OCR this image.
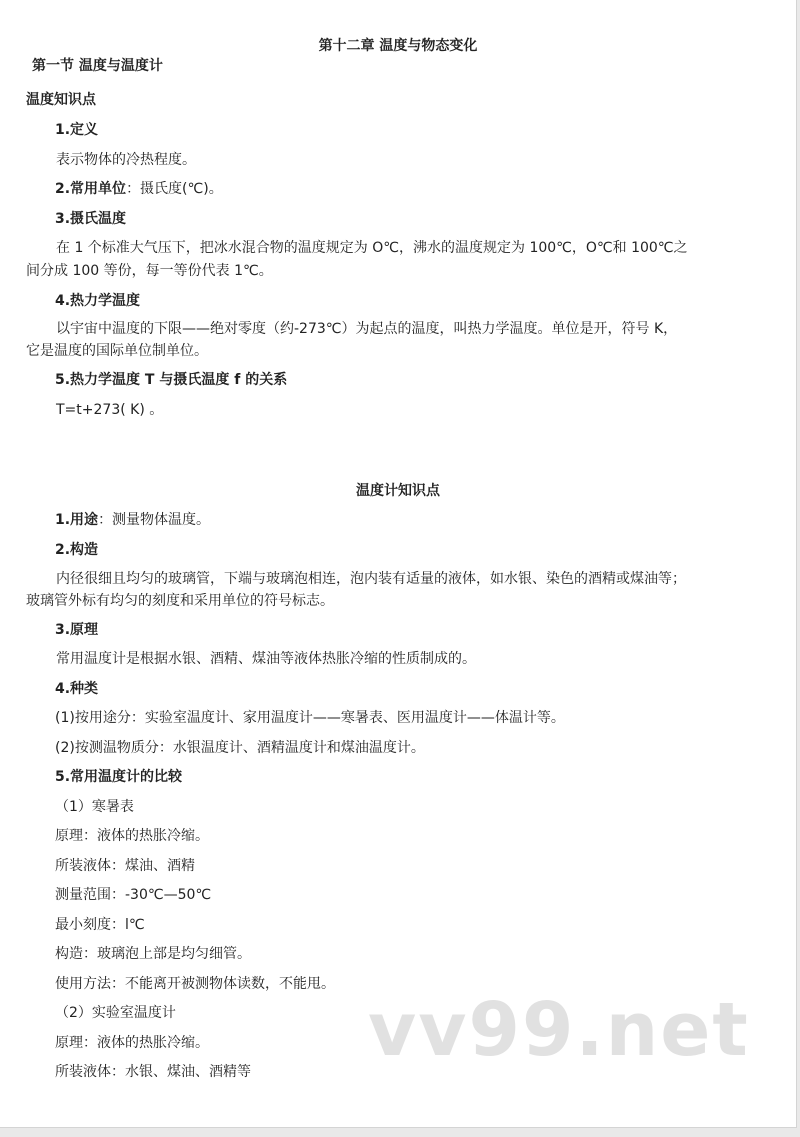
第十二章 温度与物态变化
第一节 温度与温度计
温度知识点
1.定义
表示物体的冷热程度。
2.常用单位：摄氏度(℃)。
3.摄氏温度
在 1 个标准大气压下，把冰水混合物的温度规定为 O℃，沸水的温度规定为 100℃，O℃和 100℃之
间分成 100 等份，每一等份代表 1℃。
4.热力学温度
以宇宙中温度的下限——绝对零度（约-273℃）为起点的温度，叫热力学温度。单位是开，符号 K，
它是温度的国际单位制单位。
5.热力学温度 T 与摄氏温度 f 的关系
T=t+273( K) 。
温度计知识点
1.用途：测量物体温度。
2.构造
内径很细且均匀的玻璃管，下端与玻璃泡相连，泡内装有适量的液体，如水银、染色的酒精或煤油等；
玻璃管外标有均匀的刻度和采用单位的符号标志。
3.原理
常用温度计是根据水银、酒精、煤油等液体热胀冷缩的性质制成的。
4.种类
(1)按用途分：实验室温度计、家用温度计——寒暑表、医用温度计——体温计等。
(2)按测温物质分：水银温度计、酒精温度计和煤油温度计。
5.常用温度计的比较
（1）寒暑表
原理：液体的热胀冷缩。
所装液体：煤油、酒精
测量范围：-30℃—50℃
最小刻度：l℃
构造：玻璃泡上部是均匀细管。
使用方法：不能离开被测物体读数，不能甩。
（2）实验室温度计
原理：液体的热胀冷缩。
所装液体：水银、煤油、酒精等 vv99.net
